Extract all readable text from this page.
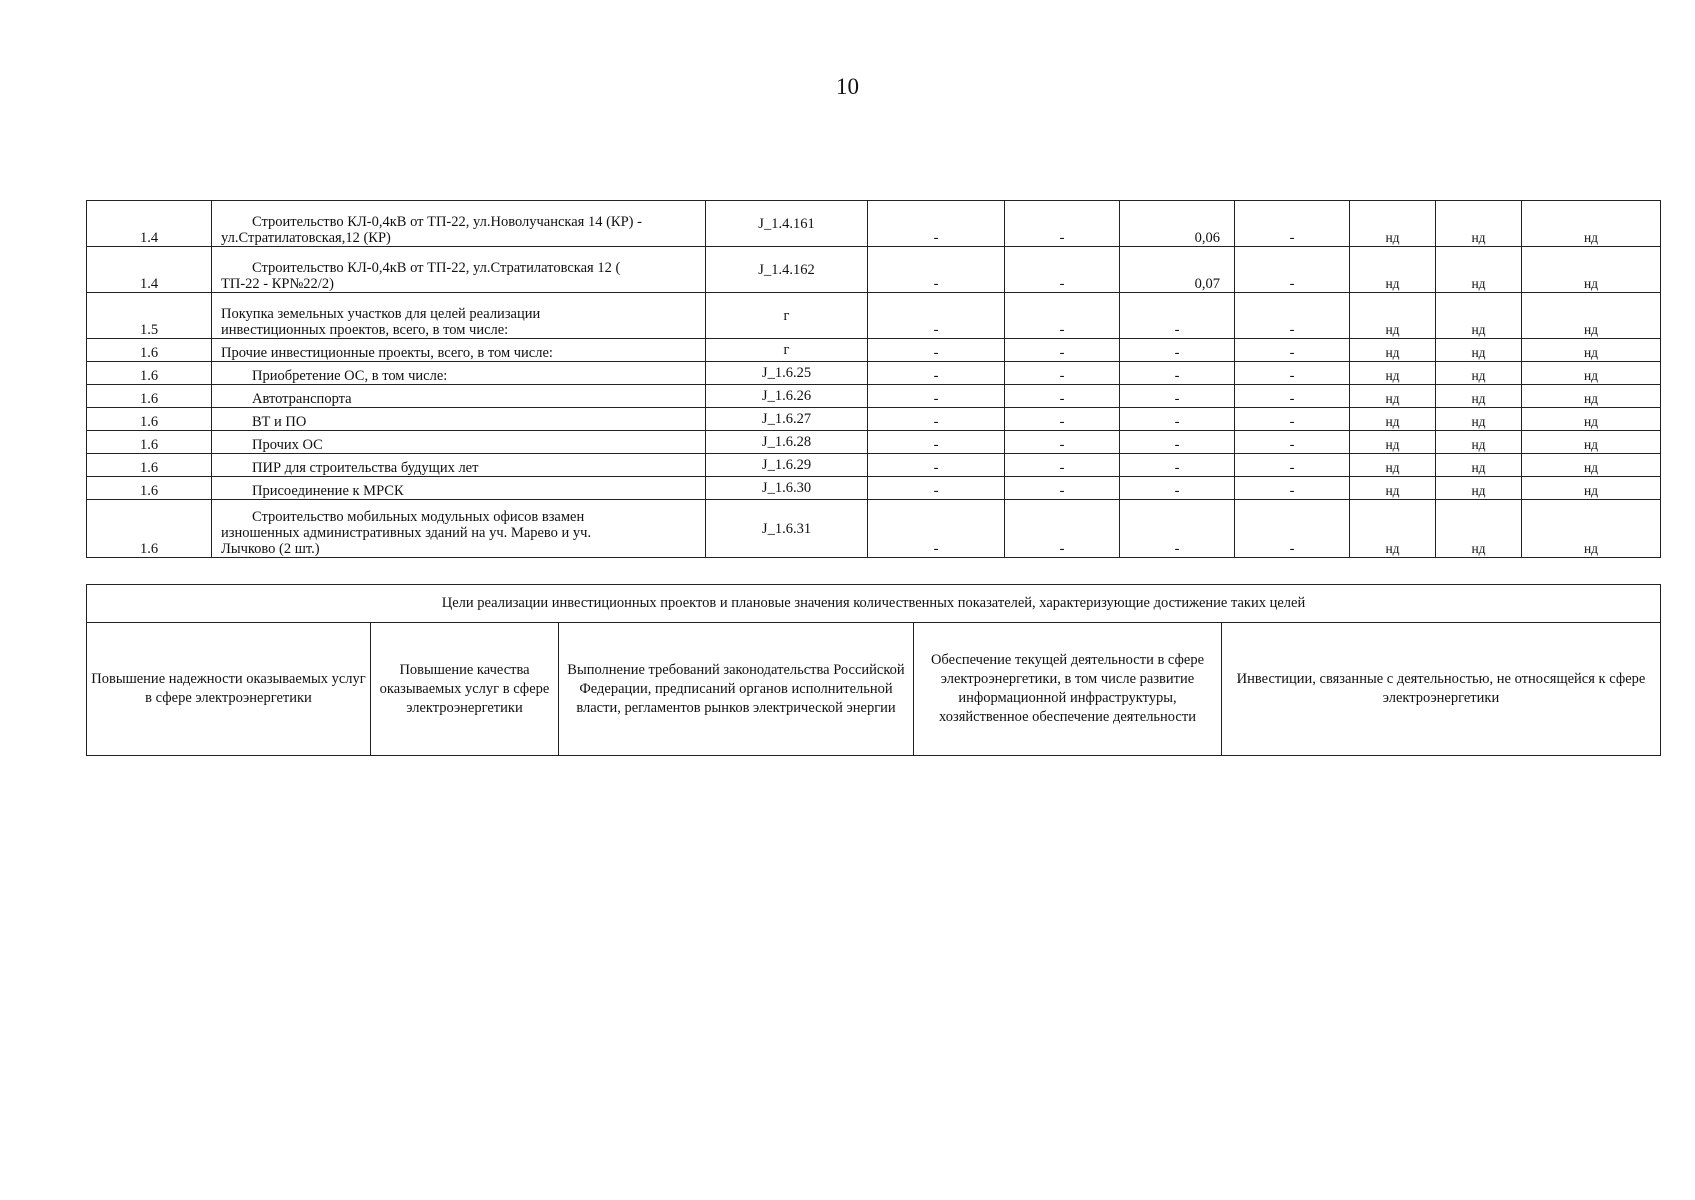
10
1.4	Строительство КЛ-0,4кВ от ТП-22, ул.Новолучанская 14 (КР) -
ул.Стратилатовская,12 (КР)	J_1.4.161	-	-	0,06	-	нд	нд	нд
1.4	Строительство КЛ-0,4кВ от ТП-22, ул.Стратилатовская 12 (
ТП-22 - КР№22/2)	J_1.4.162	-	-	0,07	-	нд	нд	нд
1.5	Покупка земельных участков для целей реализации
инвестиционных проектов, всего, в том числе:	г	-	-	-	-	нд	нд	нд
1.6	Прочие инвестиционные проекты, всего, в том числе:	г	-	-	-	-	нд	нд	нд
1.6	Приобретение ОС, в том числе:	J_1.6.25	-	-	-	-	нд	нд	нд
1.6	Автотранспорта	J_1.6.26	-	-	-	-	нд	нд	нд
1.6	ВТ и ПО	J_1.6.27	-	-	-	-	нд	нд	нд
1.6	Прочих ОС	J_1.6.28	-	-	-	-	нд	нд	нд
1.6	ПИР для строительства будущих лет	J_1.6.29	-	-	-	-	нд	нд	нд
1.6	Присоединение к МРСК	J_1.6.30	-	-	-	-	нд	нд	нд
1.6	Строительство мобильных модульных офисов взамен
изношенных административных зданий на уч. Марево и уч.
Лычково (2 шт.)	J_1.6.31	-	-	-	-	нд	нд	нд
Цели реализации инвестиционных проектов и плановые значения количественных показателей, характеризующие достижение таких целей
Повышение надежности оказываемых услуг в сфере электроэнергетики	Повышение качества оказываемых услуг в сфере электроэнергетики	Выполнение требований законодательства Российской Федерации, предписаний органов исполнительной власти, регламентов рынков электрической энергии	Обеспечение текущей деятельности в сфере электроэнергетики, в том числе развитие информационной инфраструктуры, хозяйственное обеспечение деятельности	Инвестиции, связанные с деятельностью, не относящейся к сфере электроэнергетики
